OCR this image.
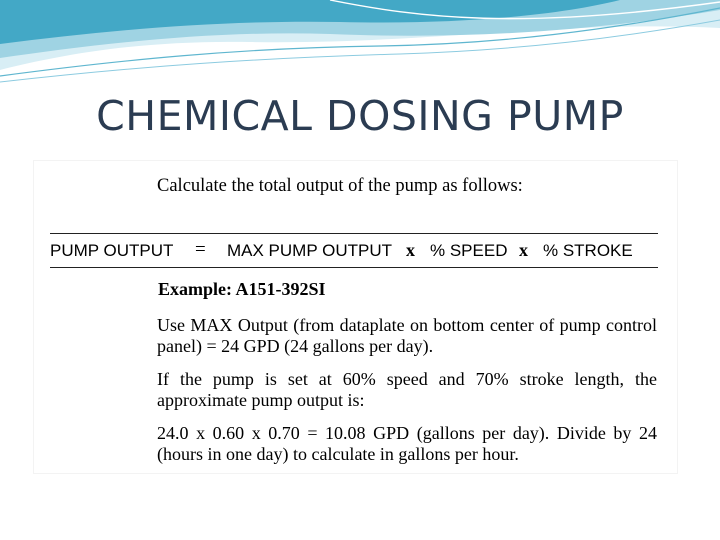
CHEMICAL DOSING PUMP
Calculate the total output of the pump as follows:
PUMP OUTPUT = MAX PUMP OUTPUT x % SPEED x % STROKE
Example: A151-392SI
Use MAX Output (from dataplate on bottom center of pump control panel) = 24 GPD (24 gallons per day).
If the pump is set at 60% speed and 70% stroke length, the approximate pump output is:
24.0 x 0.60 x 0.70 = 10.08 GPD (gallons per day). Divide by 24 (hours in one day) to calculate in gallons per hour.
